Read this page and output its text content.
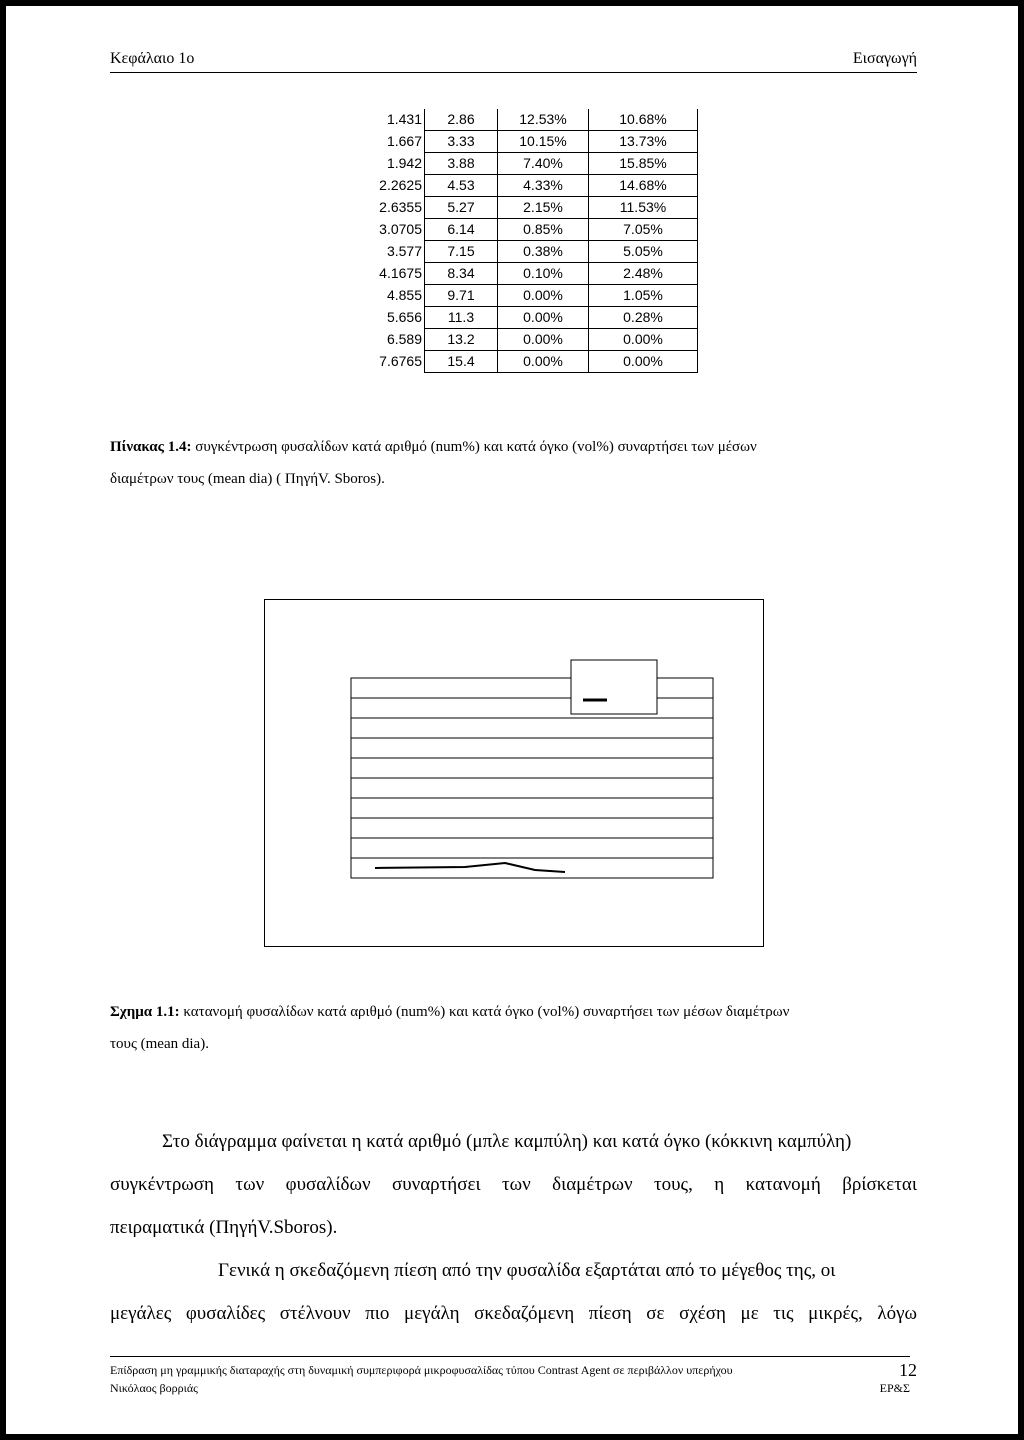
Κεφάλαιο 1ο	Εισαγωγή
1.431	2.86	12.53%	10.68%
1.667	3.33	10.15%	13.73%
1.942	3.88	7.40%	15.85%
2.2625	4.53	4.33%	14.68%
2.6355	5.27	2.15%	11.53%
3.0705	6.14	0.85%	7.05%
3.577	7.15	0.38%	5.05%
4.1675	8.34	0.10%	2.48%
4.855	9.71	0.00%	1.05%
5.656	11.3	0.00%	0.28%
6.589	13.2	0.00%	0.00%
7.6765	15.4	0.00%	0.00%
Πίνακας 1.4: συγκέντρωση φυσαλίδων κατά αριθμό (num%) και κατά όγκο (vol%) συναρτήσει των μέσων
διαμέτρων τους (mean dia) ( ΠηγήV. Sboros).
Σχημα 1.1: κατανομή φυσαλίδων κατά αριθμό (num%) και κατά όγκο (vol%) συναρτήσει των μέσων διαμέτρων
τους (mean dia).
Στο διάγραμμα φαίνεται η κατά αριθμό (μπλε καμπύλη) και κατά όγκο (κόκκινη καμπύλη)
συγκέντρωση των φυσαλίδων συναρτήσει των διαμέτρων τους, η κατανομή βρίσκεται
πειραματικά (ΠηγήV.Sboros).
Γενικά η σκεδαζόμενη πίεση από την φυσαλίδα εξαρτάται από το μέγεθος της, οι
μεγάλες φυσαλίδες στέλνουν πιο μεγάλη σκεδαζόμενη πίεση σε σχέση με τις μικρές, λόγω
Επίδραση μη γραμμικής διαταραχής στη δυναμική συμπεριφορά μικροφυσαλίδας τύπου Contrast Agent σε περιβάλλον υπερήχου
Νικόλαος βορριάς	ΕΡ&Σ
12
